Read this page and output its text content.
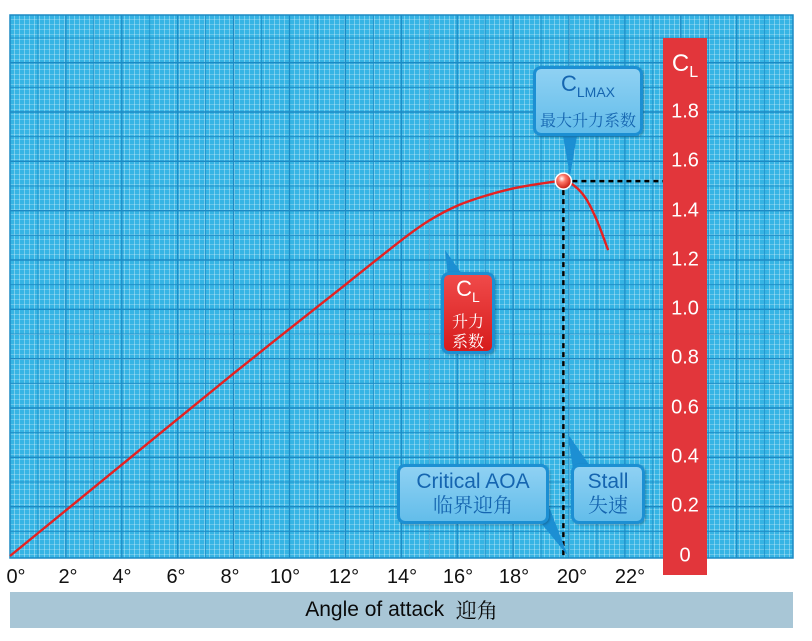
$C_L$
0
0.2
0.4
0.6
0.8
1.0
1.2
1.4
1.6
1.8
0° 2° 4° 6° 8° 10° 12° 14° 16° 18° 20° 22°
$C_{LMAX}$
最大升力系数
$C_L$
升力
系数
Critical AOA
临界迎角
Stall
失速
Angle of attack
迎角
